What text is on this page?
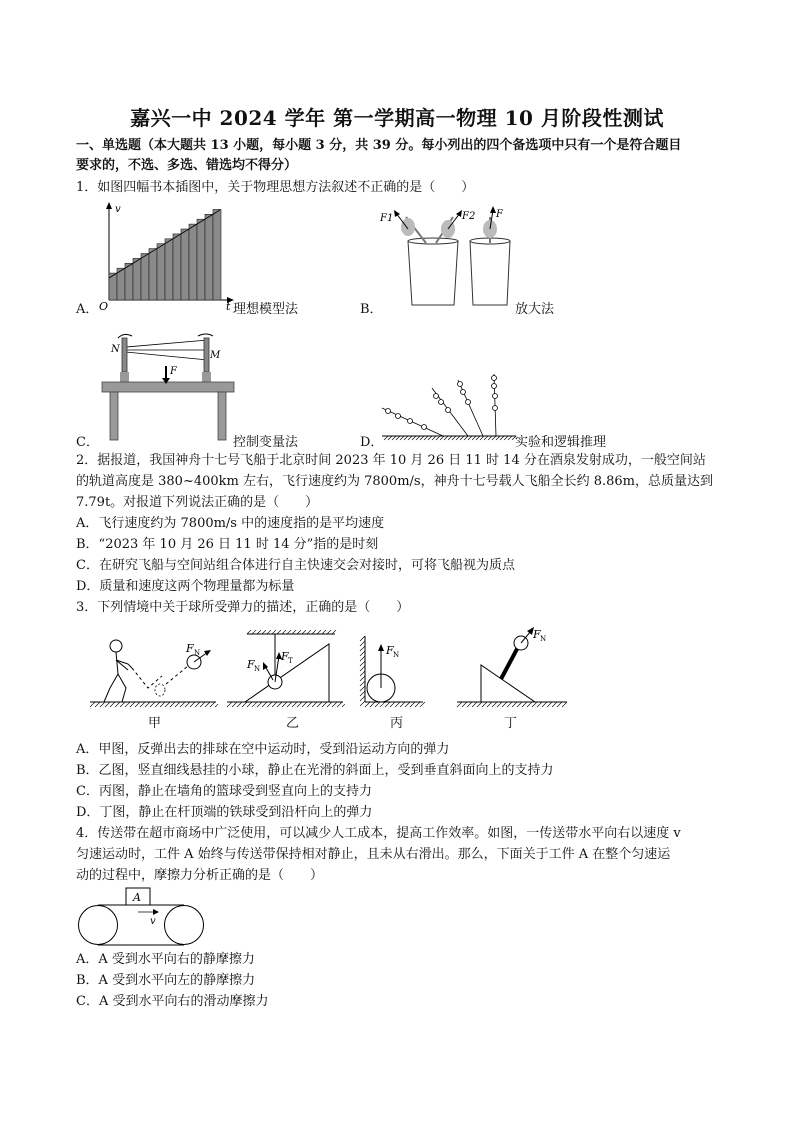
嘉兴一中 2024 学年 第一学期高一物理 10 月阶段性测试
一、单选题（本大题共 13 小题，每小题 3 分，共 39 分。每小列出的四个备选项中只有一个是符合题目
要求的，不选、多选、错选均不得分）
1．如图四幅书本插图中，关于物理思想方法叙述不正确的是（　　）
v
O	t
A．	理想模型法
F1	F2 F
B．	放大法
N
M
F
C．	控制变量法	D．	实验和逻辑推理
2．据报道，我国神舟十七号飞船于北京时间 2023 年 10 月 26 日 11 时 14 分在酒泉发射成功，一般空间站
的轨道高度是 380~400km 左右，飞行速度约为 7800m/s，神舟十七号载人飞船全长约 8.86m，总质量达到
7.79t。对报道下列说法正确的是（　　）
A．飞行速度约为 7800m/s 中的速度指的是平均速度
B．“2023 年 10 月 26 日 11 时 14 分”指的是时刻
C．在研究飞船与空间站组合体进行自主快速交会对接时，可将飞船视为质点
D．质量和速度这两个物理量都为标量
3．下列情境中关于球所受弹力的描述，正确的是（　　）
F N
甲
F T
F N
乙
F N
丙
F N
丁
A．甲图，反弹出去的排球在空中运动时，受到沿运动方向的弹力
B．乙图，竖直细线悬挂的小球，静止在光滑的斜面上，受到垂直斜面向上的支持力
C．丙图，静止在墙角的篮球受到竖直向上的支持力
D．丁图，静止在杆顶端的铁球受到沿杆向上的弹力
4．传送带在超市商场中广泛使用，可以减少人工成本，提高工作效率。如图，一传送带水平向右以速度 v
匀速运动时，工件 A 始终与传送带保持相对静止，且未从右滑出。那么，下面关于工件 A 在整个匀速运
动的过程中，摩擦力分析正确的是（　　）
A
v
A．A 受到水平向右的静摩擦力
B．A 受到水平向左的静摩擦力
C．A 受到水平向右的滑动摩擦力
